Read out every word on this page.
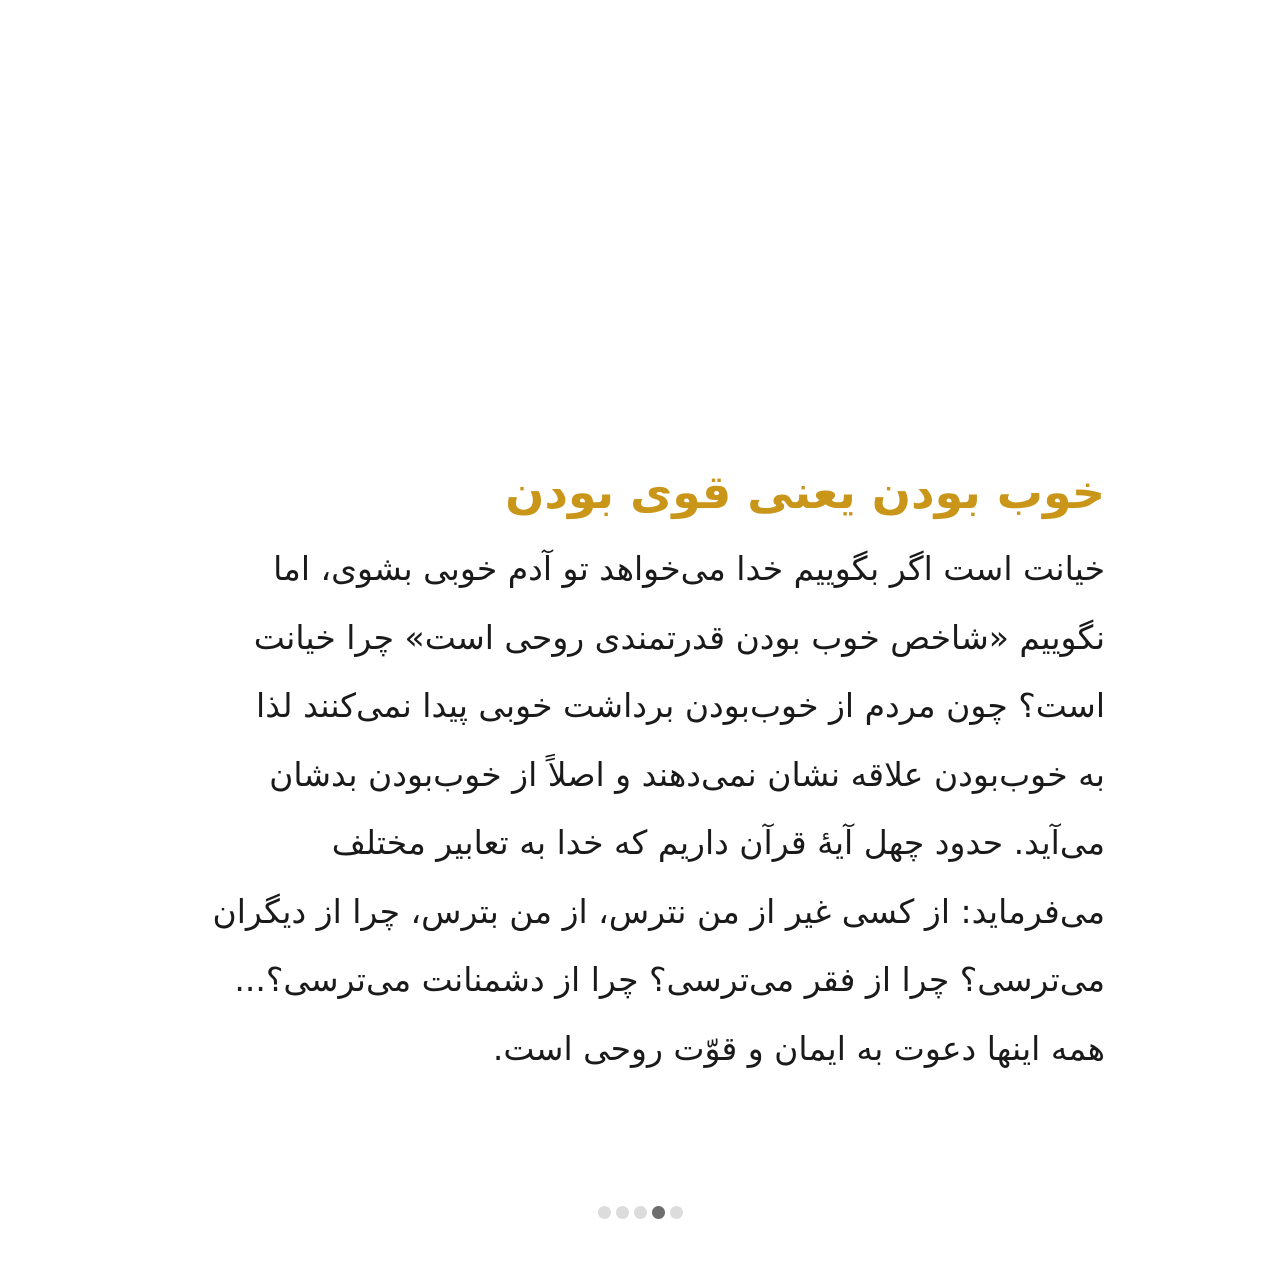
خوب بودن یعنی قوی بودن
خیانت است اگر بگوییم خدا می‌خواهد تو آدم خوبی بشوی، اما
نگوییم «شاخص خوب بودن قدرتمندی روحی است» چرا خیانت
است؟ چون مردم از خوب‌بودن برداشت خوبی پیدا نمی‌کنند لذا
به خوب‌بودن علاقه نشان نمی‌دهند و اصلاً از خوب‌بودن بدشان
می‌آید. حدود چهل آیهٔ قرآن داریم که خدا به تعابیر مختلف
می‌فرماید: از کسی غیر از من نترس، از من بترس، چرا از دیگران
می‌ترسی؟ چرا از فقر می‌ترسی؟ چرا از دشمنانت می‌ترسی؟...
همه اینها دعوت به ایمان و قوّت روحی است.
